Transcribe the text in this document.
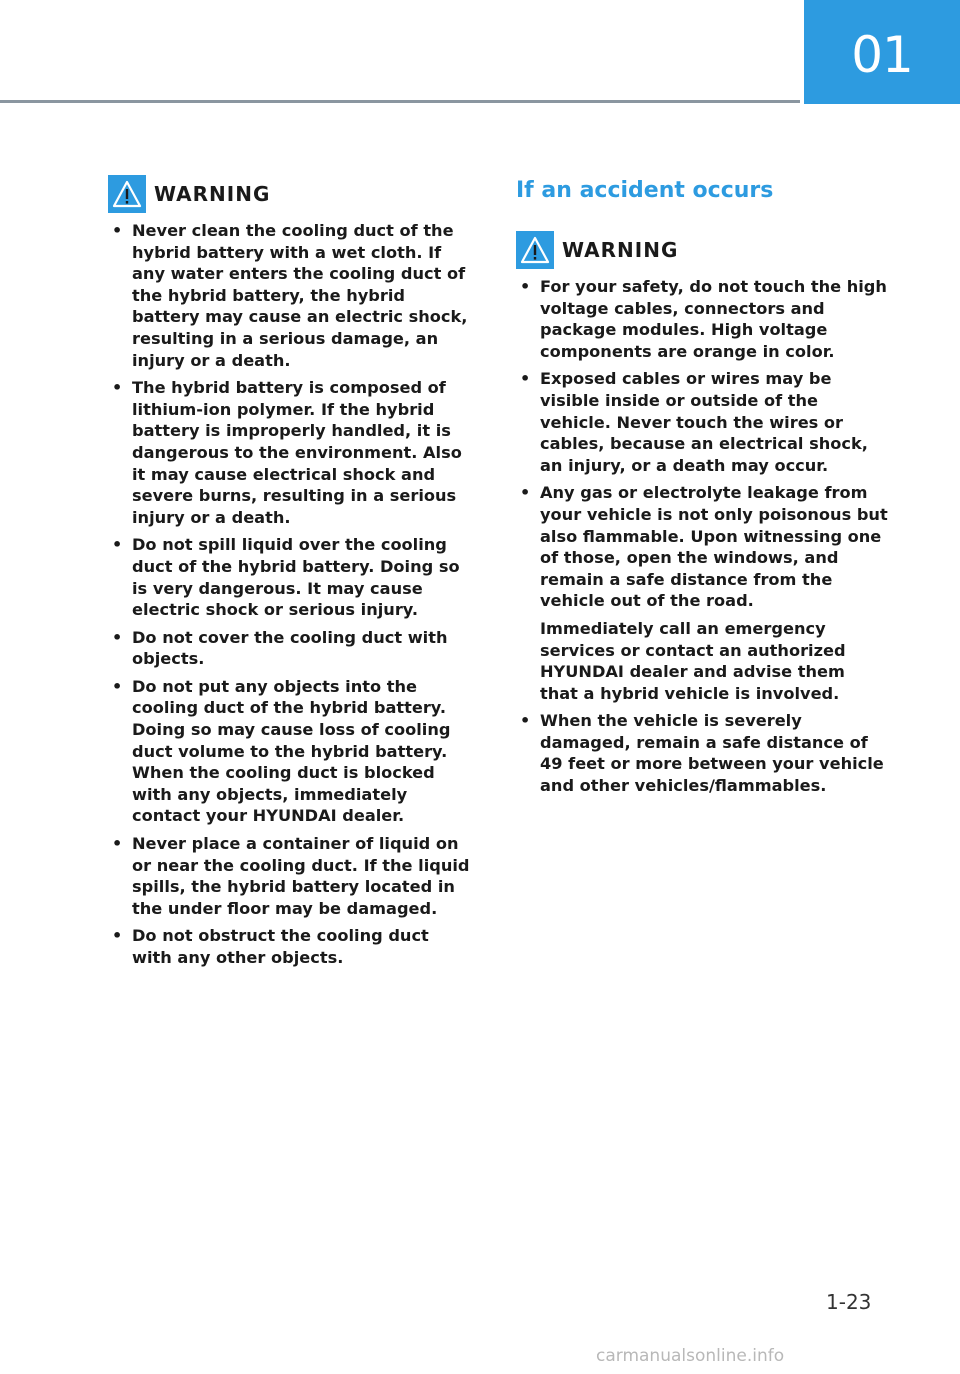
01
WARNING
• Never clean the cooling duct of the hybrid battery with a wet cloth. If any water enters the cooling duct of the hybrid battery, the hybrid battery may cause an electric shock, resulting in a serious damage, an injury or a death.

• The hybrid battery is composed of lithium-ion polymer. If the hybrid battery is improperly handled, it is dangerous to the environment. Also it may cause electrical shock and severe burns, resulting in a serious injury or a death.

• Do not spill liquid over the cooling duct of the hybrid battery. Doing so is very dangerous. It may cause electric shock or serious injury.

• Do not cover the cooling duct with objects.

• Do not put any objects into the cooling duct of the hybrid battery. Doing so may cause loss of cooling duct volume to the hybrid battery. When the cooling duct is blocked with any objects, immediately contact your HYUNDAI dealer.

• Never place a container of liquid on or near the cooling duct. If the liquid spills, the hybrid battery located in the under floor may be damaged.

• Do not obstruct the cooling duct with any other objects.

If an accident occurs
WARNING
• For your safety, do not touch the high voltage cables, connectors and package modules. High voltage components are orange in color.

• Exposed cables or wires may be visible inside or outside of the vehicle. Never touch the wires or cables, because an electrical shock, an injury, or a death may occur.

• Any gas or electrolyte leakage from your vehicle is not only poisonous but also flammable. Upon witnessing one of those, open the windows, and remain a safe distance from the vehicle out of the road.

Immediately call an emergency services or contact an authorized HYUNDAI dealer and advise them that a hybrid vehicle is involved.

• When the vehicle is severely damaged, remain a safe distance of 49 feet or more between your vehicle and other vehicles/flammables.

1-23
carmanualsonline.info
